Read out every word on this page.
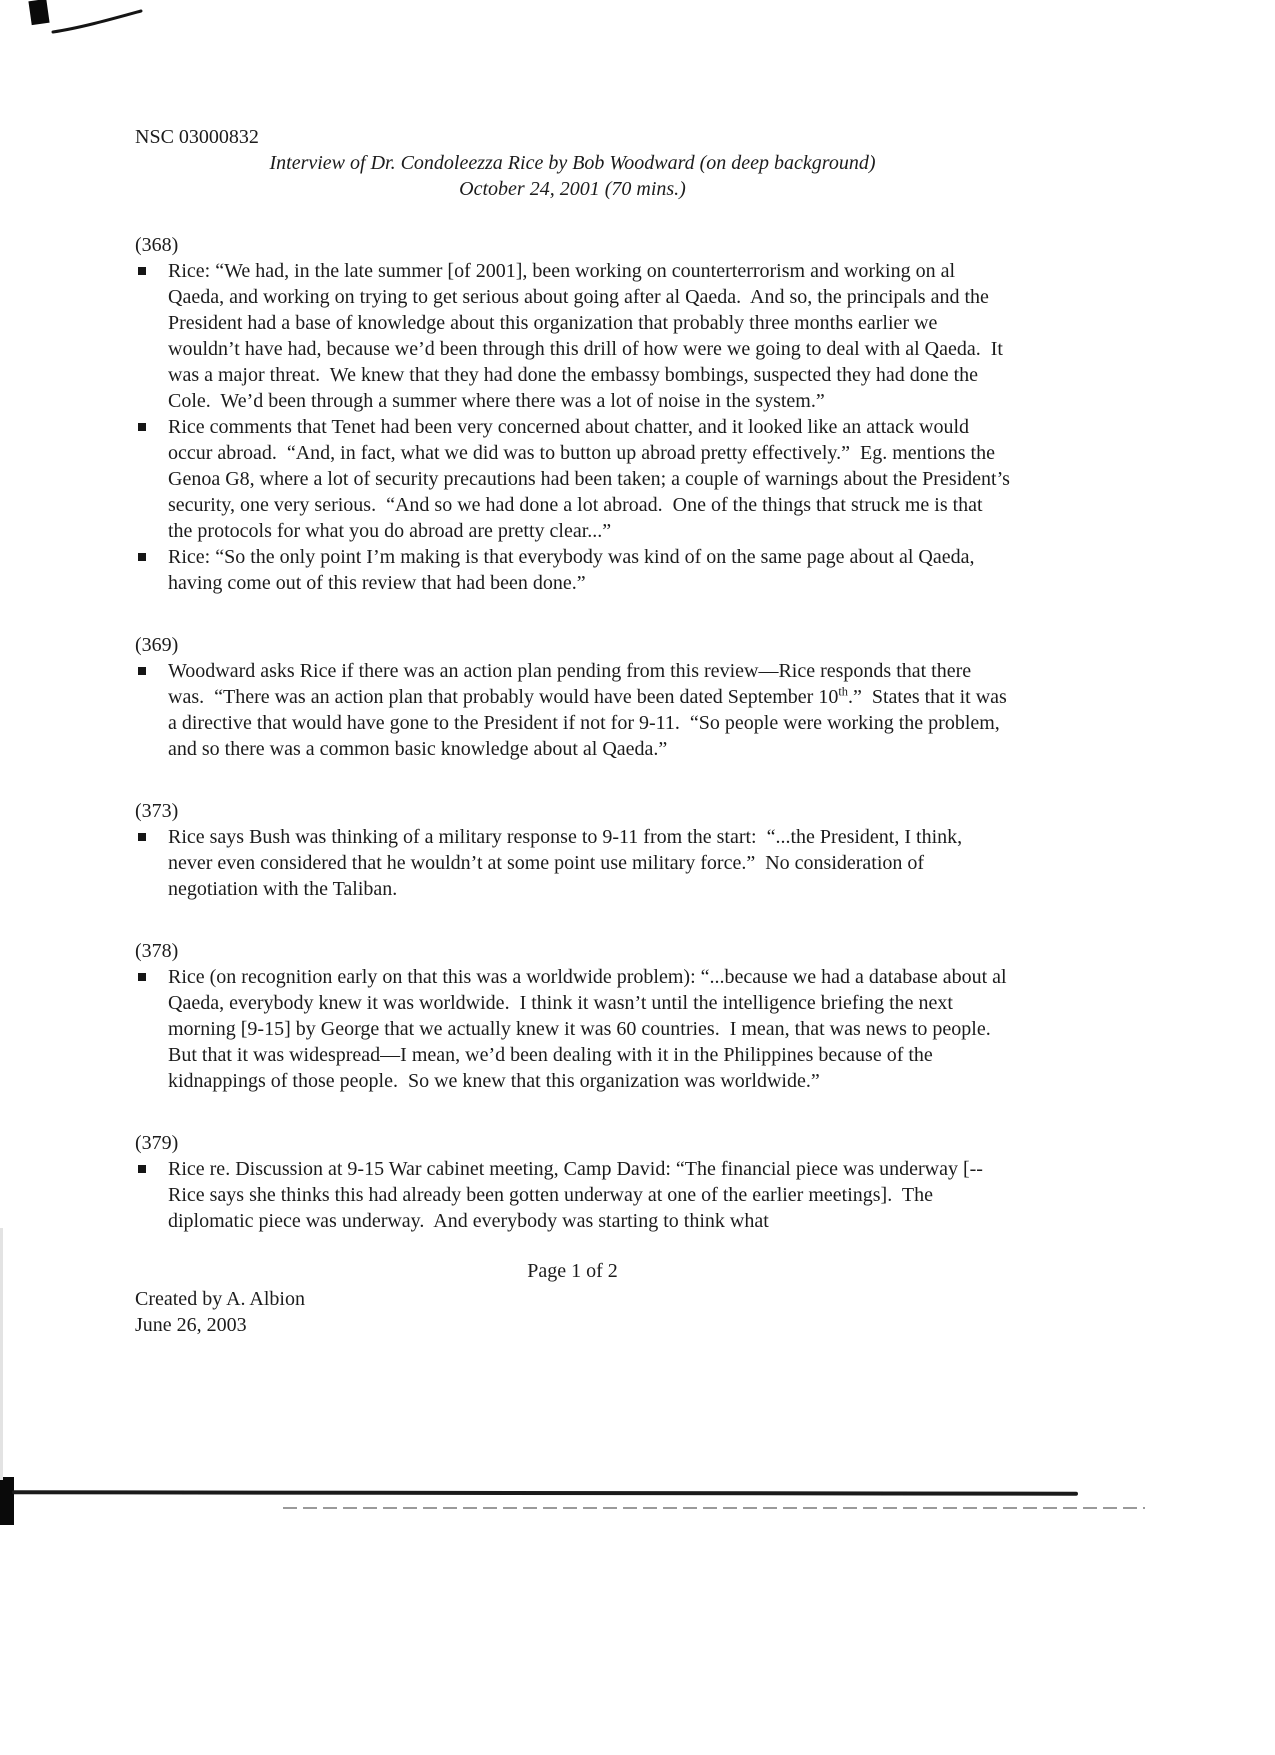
NSC 03000832
Interview of Dr. Condoleezza Rice by Bob Woodward (on deep background)
October 24, 2001 (70 mins.)
(368)
Rice: “We had, in the late summer [of 2001], been working on counterterrorism and working on al Qaeda, and working on trying to get serious about going after al Qaeda.  And so, the principals and the President had a base of knowledge about this organization that probably three months earlier we wouldn’t have had, because we’d been through this drill of how were we going to deal with al Qaeda.  It was a major threat.  We knew that they had done the embassy bombings, suspected they had done the Cole.  We’d been through a summer where there was a lot of noise in the system.”
Rice comments that Tenet had been very concerned about chatter, and it looked like an attack would occur abroad.  “And, in fact, what we did was to button up abroad pretty effectively.”  Eg. mentions the Genoa G8, where a lot of security precautions had been taken; a couple of warnings about the President’s security, one very serious.  “And so we had done a lot abroad.  One of the things that struck me is that the protocols for what you do abroad are pretty clear...”
Rice: “So the only point I’m making is that everybody was kind of on the same page about al Qaeda, having come out of this review that had been done.”
(369)
Woodward asks Rice if there was an action plan pending from this review—Rice responds that there was.  “There was an action plan that probably would have been dated September 10th.”  States that it was a directive that would have gone to the President if not for 9-11.  “So people were working the problem, and so there was a common basic knowledge about al Qaeda.”
(373)
Rice says Bush was thinking of a military response to 9-11 from the start:  “...the President, I think, never even considered that he wouldn’t at some point use military force.”  No consideration of negotiation with the Taliban.
(378)
Rice (on recognition early on that this was a worldwide problem): “...because we had a database about al Qaeda, everybody knew it was worldwide.  I think it wasn’t until the intelligence briefing the next morning [9-15] by George that we actually knew it was 60 countries.  I mean, that was news to people.  But that it was widespread—I mean, we’d been dealing with it in the Philippines because of the kidnappings of those people.  So we knew that this organization was worldwide.”
(379)
Rice re. Discussion at 9-15 War cabinet meeting, Camp David: “The financial piece was underway [--Rice says she thinks this had already been gotten underway at one of the earlier meetings].  The diplomatic piece was underway.  And everybody was starting to think what
Page 1 of 2
Created by A. Albion
June 26, 2003
